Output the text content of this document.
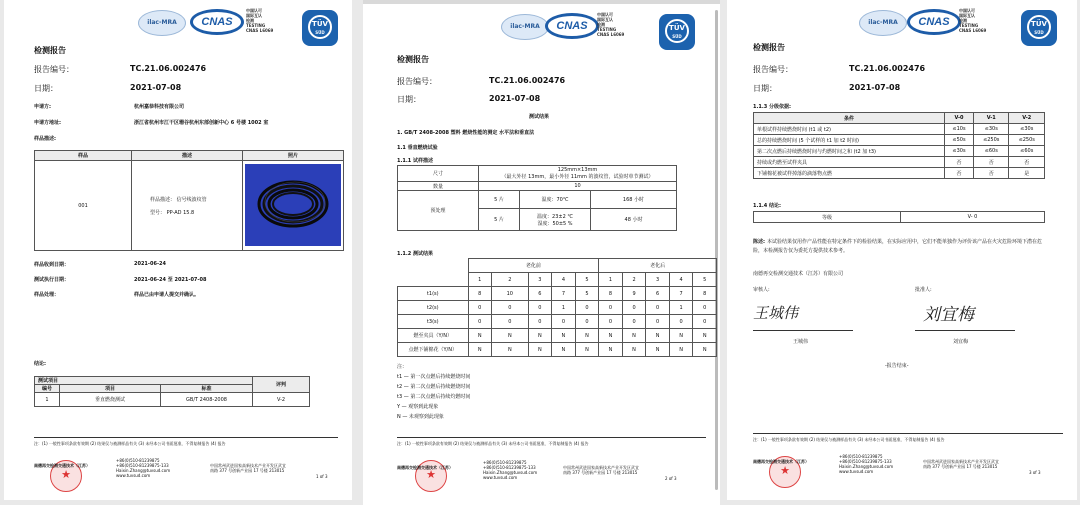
ilac-MRA	CNAS
中国认可
国际互认
检测
TESTING
CNAS L6069
TÜV
SÜD
检测报告
报告编号：	TC.21.06.002476
日期：	2021-07-08
申请方:	杭州嘉恭科技有限公司
申请方地址:	浙江省杭州市江干区珊谷杭州东部创新中心 6 号楼 1002 室
样品描述:
样品	描述	照片
001	样品描述： 信号线波纹管
型号： PP-AD 15.8

样品收到日期：	2021-06-24
测试执行日期：	2021-06-24 至 2021-07-08
样品处理：	样品已由申请人提交并确认。
结论:
测试项目			评判
编号	项目	标准	
1	垂直燃烧测试	GB/T 2408-2008	V-2
注：(1) 一般性事项条款有效期 (2) 结果仅与被测样品有关 (3) 未经本公司书面批准，不得复制报告 (4) 报告
★
南德再交检测交通技术（江苏）
+86(0)510-81239875
+86(0)510-81239875-133
Haixin.Zhang@tuvsud.com
www.tuvsud.com
中国常州武进国家高新技术产业开发区武宜
南路 377 号创新产业园 17 号楼 213015
1 of 3
ilac-MRA	CNAS
中国认可
国际互认
检测
TESTING
CNAS L6069
TÜV
SÜD
检测报告
报告编号：	TC.21.06.002476
日期：	2021-07-08
测试结果
1. GB/T 2408-2008 塑料 燃烧性能的测定 水平法和垂直法
1.1 垂直燃烧试验
1.1.1 试样描述
尺寸	125mm×13mm
（最大外径 13mm，最小外径 11mm 的波纹管，试验时单节测试）		

数量	10		
预处理	5 片	温度：70℃	168 小时
	5 片	温度：23±2 ℃
湿度：50±5 %	48 小时
1.1.2 测试结果
	老化前					老化后				
	1	2	3	4	5	1	2	3	4	5
t1(s)	8	10	6	7	5	8	9	6	7	8
t2(s)	0	0	0	1	0	0	0	0	1	0
t3(s)	0	0	0	0	0	0	0	0	0	0
燃至夹具（Y/N）	N	N	N	N	N	N	N	N	N	N
点燃下铺棉花（Y/N）	N	N	N	N	N	N	N	N	N	N
注：
t1 — 第一次点燃后持续燃烧时间
t2 — 第二次点燃后持续燃烧时间
t3 — 第二次点燃后持续灼燃时间
Y — 观察到此现象
N — 未观察到此现象
注：(1) 一般性事项条款有效期 (2) 结果仅与被测样品有关 (3) 未经本公司书面批准，不得复制报告 (4) 报告
★
南德再交检测交通技术（江苏）
+86(0)510-81239875
+86(0)510-81239875-133
Haixin.Zhang@tuvsud.com
www.tuvsud.com
中国常州武进国家高新技术产业开发区武宜
南路 377 号创新产业园 17 号楼 213015
2 of 3
ilac-MRA	CNAS
中国认可
国际互认
检测
TESTING
CNAS L6069
TÜV
SÜD
检测报告
报告编号：	TC.21.06.002476
日期：	2021-07-08
1.1.3 分级依据:
条件	V-0	V-1	V-2
单根试样持续燃烧时间 (t1 或 t2)	≤10s	≤30s	≤30s
总的持续燃烧时间 (5 个试样的 t1 加 t2 时间)	≤50s	≤250s	≤250s
第二次点燃后持续燃烧时间与灼燃时间之和 (t2 加 t3)	≤30s	≤60s	≤60s
持续或灼燃至试样夹具	否	否	否
下铺棉花被试样掉落的滴落物点燃	否	否	是
1.1.4 结论:
等级	V- 0
陈述: 本试验结果仅用作产品性能在特定条件下的检验结果，在实际应用中，它们不能单独作为评价该产品在火灾危险环境下潜在危险，本检测报告仅为委托方提供技术参考。
南德再交检测交通技术（江苏）有限公司
审核人:	批准人:
王城伟	刘宜梅
王城伟	刘宜梅
-报告结束-
注：(1) 一般性事项条款有效期 (2) 结果仅与被测样品有关 (3) 未经本公司书面批准，不得复制报告 (4) 报告
★
南德再交检测交通技术（江苏）
+86(0)510-81239875
+86(0)510-81239875-133
Haixin.Zhang@tuvsud.com
www.tuvsud.com
中国常州武进国家高新技术产业开发区武宜
南路 377 号创新产业园 17 号楼 213015
3 of 3
